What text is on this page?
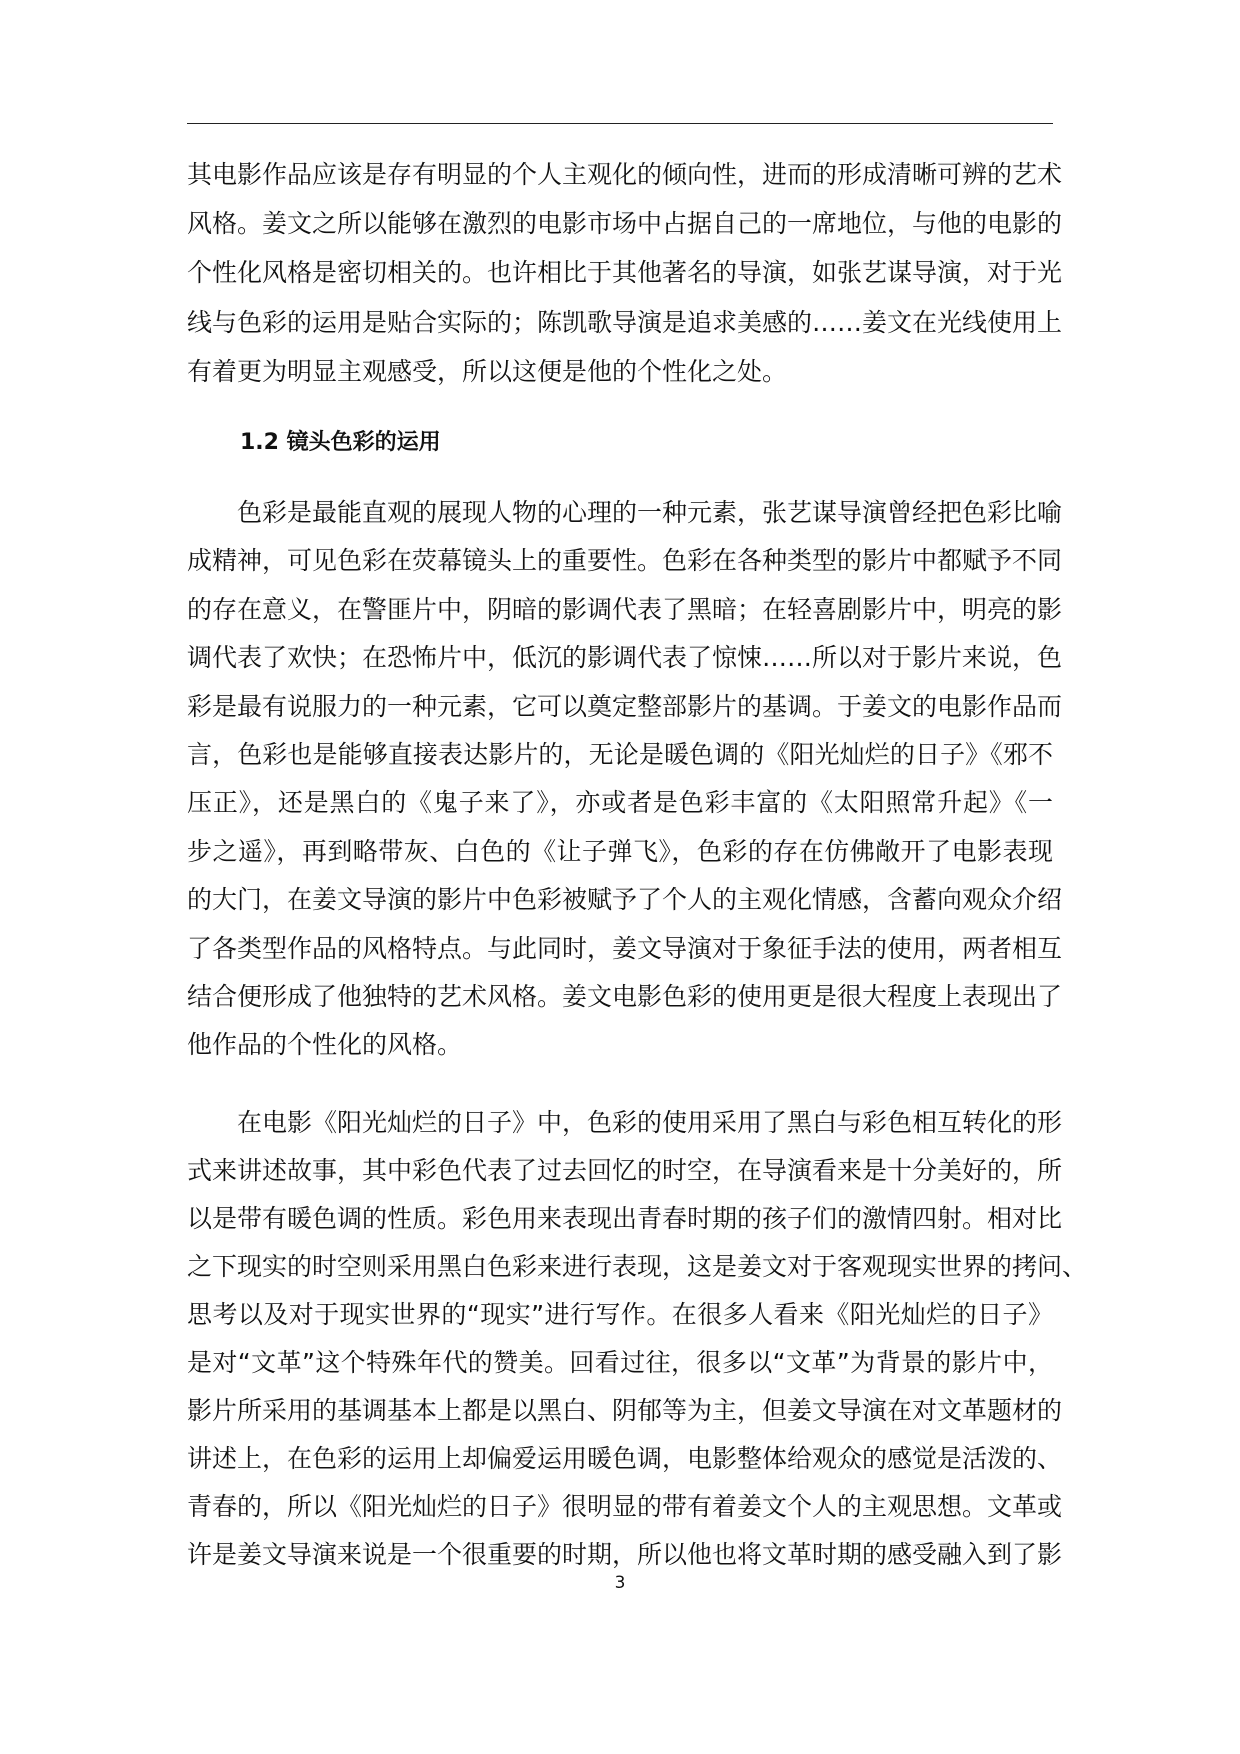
其电影作品应该是存有明显的个人主观化的倾向性，进而的形成清晰可辨的艺术
风格。姜文之所以能够在激烈的电影市场中占据自己的一席地位，与他的电影的
个性化风格是密切相关的。也许相比于其他著名的导演，如张艺谋导演，对于光
线与色彩的运用是贴合实际的；陈凯歌导演是追求美感的……姜文在光线使用上
有着更为明显主观感受，所以这便是他的个性化之处。
色彩是最能直观的展现人物的心理的一种元素，张艺谋导演曾经把色彩比喻
成精神，可见色彩在荧幕镜头上的重要性。色彩在各种类型的影片中都赋予不同
的存在意义，在警匪片中，阴暗的影调代表了黑暗；在轻喜剧影片中，明亮的影
调代表了欢快；在恐怖片中，低沉的影调代表了惊悚……所以对于影片来说，色
彩是最有说服力的一种元素，它可以奠定整部影片的基调。于姜文的电影作品而
言，色彩也是能够直接表达影片的，无论是暖色调的《阳光灿烂的日子》《邪不
压正》，还是黑白的《鬼子来了》，亦或者是色彩丰富的《太阳照常升起》《一
步之遥》，再到略带灰、白色的《让子弹飞》，色彩的存在仿佛敞开了电影表现
的大门，在姜文导演的影片中色彩被赋予了个人的主观化情感，含蓄向观众介绍
了各类型作品的风格特点。与此同时，姜文导演对于象征手法的使用，两者相互
结合便形成了他独特的艺术风格。姜文电影色彩的使用更是很大程度上表现出了
他作品的个性化的风格。
在电影《阳光灿烂的日子》中，色彩的使用采用了黑白与彩色相互转化的形
式来讲述故事，其中彩色代表了过去回忆的时空，在导演看来是十分美好的，所
以是带有暖色调的性质。彩色用来表现出青春时期的孩子们的激情四射。相对比
之下现实的时空则采用黑白色彩来进行表现，这是姜文对于客观现实世界的拷问、
思考以及对于现实世界的“现实”进行写作。在很多人看来《阳光灿烂的日子》
是对“文革”这个特殊年代的赞美。回看过往，很多以“文革”为背景的影片中，
影片所采用的基调基本上都是以黑白、阴郁等为主，但姜文导演在对文革题材的
讲述上，在色彩的运用上却偏爱运用暖色调，电影整体给观众的感觉是活泼的、
青春的，所以《阳光灿烂的日子》很明显的带有着姜文个人的主观思想。文革或
许是姜文导演来说是一个很重要的时期，所以他也将文革时期的感受融入到了影
1.2 镜头色彩的运用
3
